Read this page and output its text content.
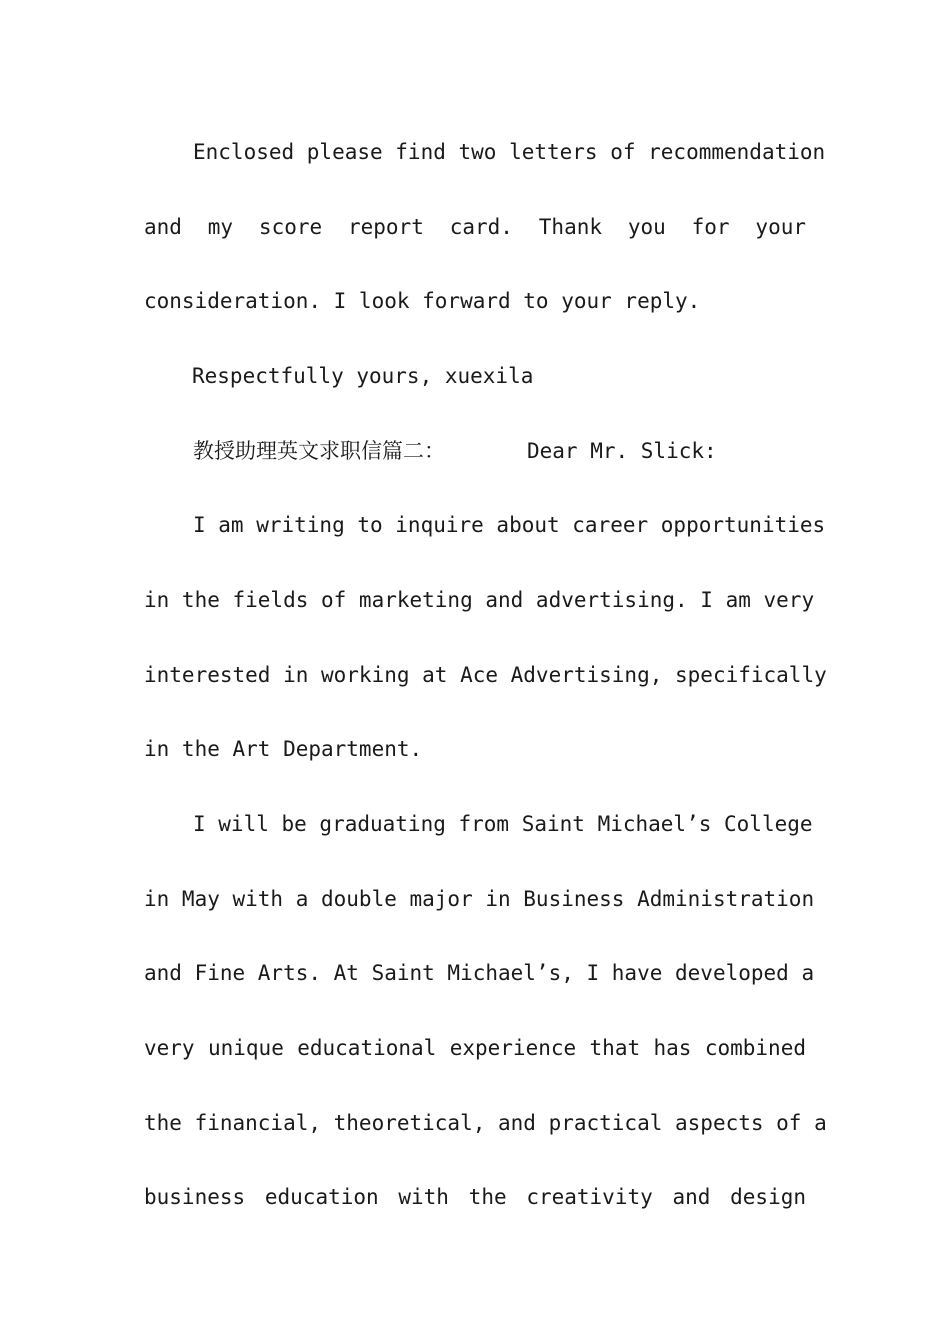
Enclosed please find two letters of recommendation
and my score report card. Thank you for your
consideration. I look forward to your reply.
Respectfully yours, xuexila
教授助理英文求职信篇二：	Dear Mr. Slick:
I am writing to inquire about career opportunities
in the fields of marketing and advertising. I am very
interested in working at Ace Advertising, specifically
in the Art Department.
I will be graduating from Saint Michael’s College
in May with a double major in Business Administration
and Fine Arts. At Saint Michael’s, I have developed a
very unique educational experience that has combined
the financial, theoretical, and practical aspects of a
business education with the creativity and design
